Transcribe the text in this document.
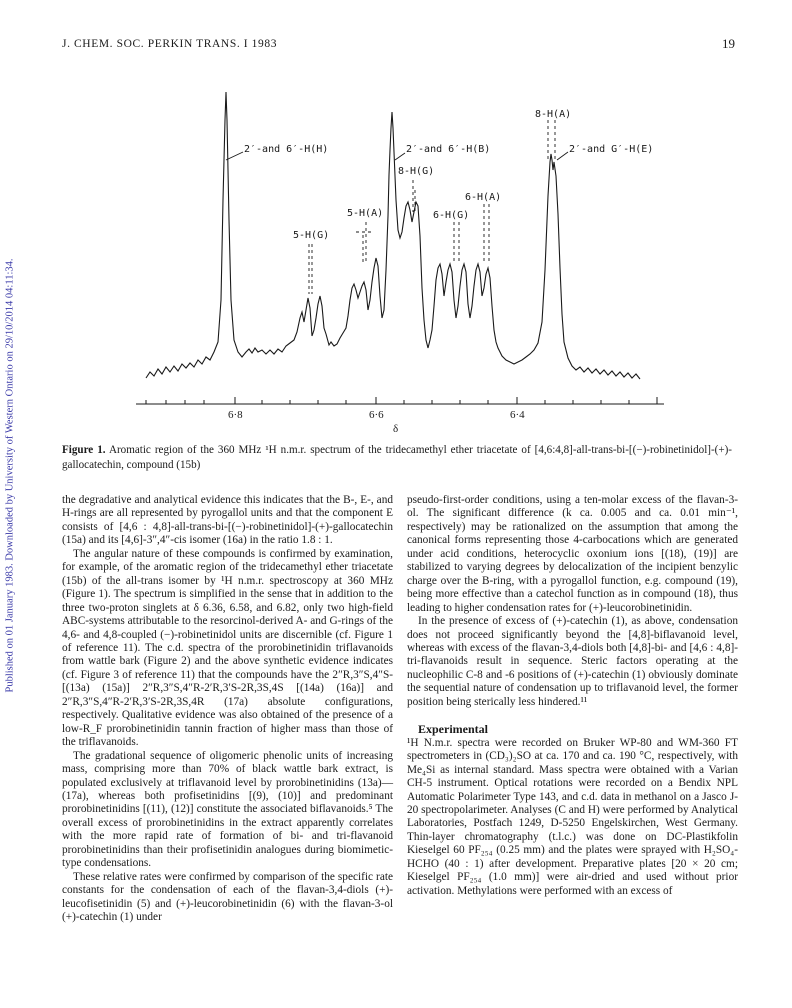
Published on 01 January 1983. Downloaded by University of Western Ontario on 29/10/2014 04:11:34.
J. CHEM. SOC. PERKIN TRANS. I 1983	19
6·8	6·6	6·4
δ
2′-and 6′-H(H)	2′-and 6′-H(B)
8-H(G)
8-H(A)
2′-and G′-H(E)
5-H(A)
6-H(A)
6-H(G)
5-H(G)
Figure 1. Aromatic region of the 360 MHz ¹H n.m.r. spectrum of the tridecamethyl ether triacetate of [4,6:4,8]-all-trans-bi-[(−)-robinetinidol]-(+)-gallocatechin, compound (15b)

the degradative and analytical evidence this indicates that the B-, E-, and H-rings are all represented by pyrogallol units and that the component E consists of [4,6 : 4,8]-all-trans-bi-[(−)-robinetinidol]-(+)-gallocatechin (15a) and its [4,6]-3″,4″-cis isomer (16a) in the ratio 1.8 : 1.

The angular nature of these compounds is confirmed by examination, for example, of the aromatic region of the tridecamethyl ether triacetate (15b) of the all-trans isomer by ¹H n.m.r. spectroscopy at 360 MHz (Figure 1). The spectrum is simplified in the sense that in addition to the three two-proton singlets at δ 6.36, 6.58, and 6.82, only two high-field ABC-systems attributable to the resorcinol-derived A- and G-rings of the 4,6- and 4,8-coupled (−)-robinetinidol units are discernible (cf. Figure 1 of reference 11). The c.d. spectra of the prorobinetinidin triflavanoids from wattle bark (Figure 2) and the above synthetic evidence indicates (cf. Figure 3 of reference 11) that the compounds have the 2″R,3″S,4″S-[(13a) (15a)] 2″R,3″S,4″R-2′R,3′S-2R,3S,4S [(14a) (16a)] and 2″R,3″S,4″R-2′R,3′S-2R,3S,4R (17a) absolute configurations, respectively. Qualitative evidence was also obtained of the presence of a low-R_F prorobinetinidin tannin fraction of higher mass than those of the triflavanoids.

The gradational sequence of oligomeric phenolic units of increasing mass, comprising more than 70% of black wattle bark extract, is populated exclusively at triflavanoid level by prorobinetinidins (13a)—(17a), whereas both profisetinidins [(9), (10)] and predominant prorobinetinidins [(11), (12)] constitute the associated biflavanoids.⁵ The overall excess of prorobinetinidins in the extract apparently correlates with the more rapid rate of formation of bi- and tri-flavanoid prorobinetinidins than their profisetinidin analogues during biomimetic-type condensations.

These relative rates were confirmed by comparison of the specific rate constants for the condensation of each of the flavan-3,4-diols (+)-leucofisetinidin (5) and (+)-leucorobinetinidin (6) with the flavan-3-ol (+)-catechin (1) under

pseudo-first-order conditions, using a ten-molar excess of the flavan-3-ol. The significant difference (k ca. 0.005 and ca. 0.01 min⁻¹, respectively) may be rationalized on the assumption that among the canonical forms representing those 4-carbocations which are generated under acid conditions, heterocyclic oxonium ions [(18), (19)] are stabilized to varying degrees by delocalization of the incipient benzylic charge over the B-ring, with a pyrogallol function, e.g. compound (19), being more effective than a catechol function as in compound (18), thus leading to higher condensation rates for (+)-leucorobinetinidin.

In the presence of excess of (+)-catechin (1), as above, condensation does not proceed significantly beyond the [4,8]-biflavanoid level, whereas with excess of the flavan-3,4-diols both [4,8]-bi- and [4,6 : 4,8]-tri-flavanoids result in sequence. Steric factors operating at the nucleophilic C-8 and -6 positions of (+)-catechin (1) obviously dominate the sequential nature of condensation up to triflavanoid level, the former position being sterically less hindered.¹¹

Experimental

¹H N.m.r. spectra were recorded on Bruker WP-80 and WM-360 FT spectrometers in (CD₃)₂SO at ca. 170 and ca. 190 °C, respectively, with Me₄Si as internal standard. Mass spectra were obtained with a Varian CH-5 instrument. Optical rotations were recorded on a Bendix NPL Automatic Polarimeter Type 143, and c.d. data in methanol on a Jasco J-20 spectropolarimeter. Analyses (C and H) were performed by Analytical Laboratories, Postfach 1249, D-5250 Engelskirchen, West Germany. Thin-layer chromatography (t.l.c.) was done on DC-Plastikfolin Kieselgel 60 PF₂₅₄ (0.25 mm) and the plates were sprayed with H₂SO₄-HCHO (40 : 1) after development. Preparative plates [20 × 20 cm; Kieselgel PF₂₅₄ (1.0 mm)] were air-dried and used without prior activation. Methylations were performed with an excess of
